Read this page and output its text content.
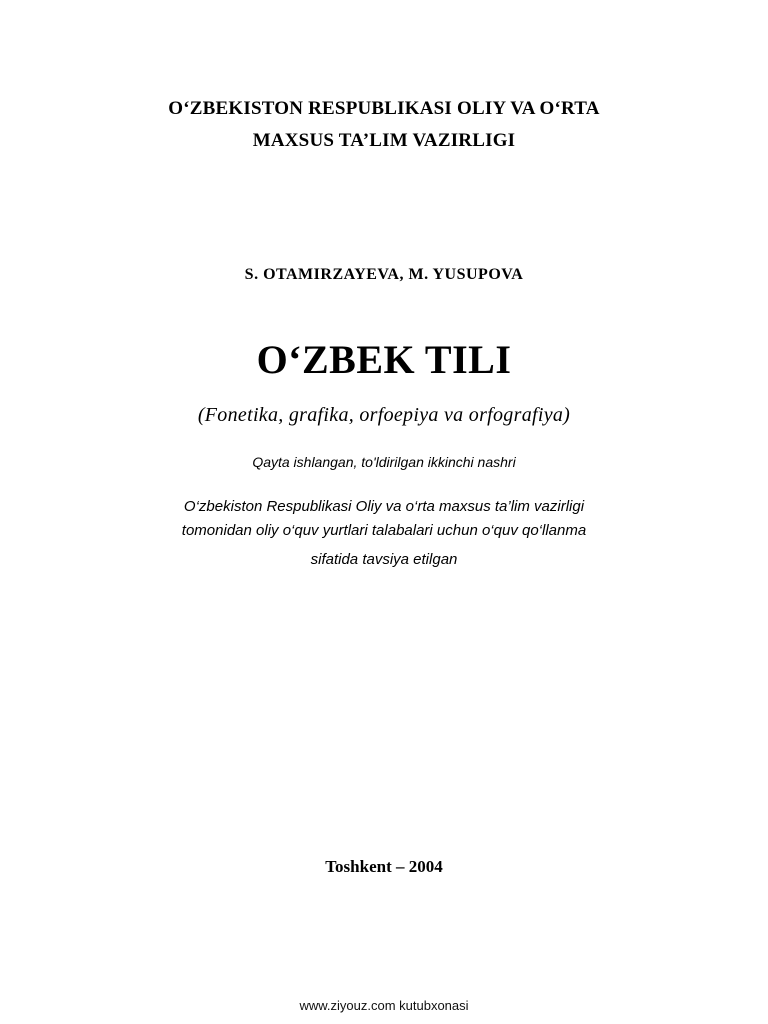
O‘ZBEKISTON RESPUBLIKASI OLIY VA O‘RTA
MAXSUS TA’LIM VAZIRLIGI
S. OTAMIRZAYEVA, M. YUSUPOVA
O‘ZBEK TILI
(Fonetika, grafika, orfoepiya va orfografiya)
Qayta ishlangan, to'ldirilgan ikkinchi nashri
O‘zbekiston Respublikasi Oliy va o‘rta maxsus ta’lim vazirligi
tomonidan oliy o‘quv yurtlari talabalari uchun o‘quv qo‘llanma
sifatida tavsiya etilgan
Toshkent – 2004
www.ziyouz.com kutubxonasi
